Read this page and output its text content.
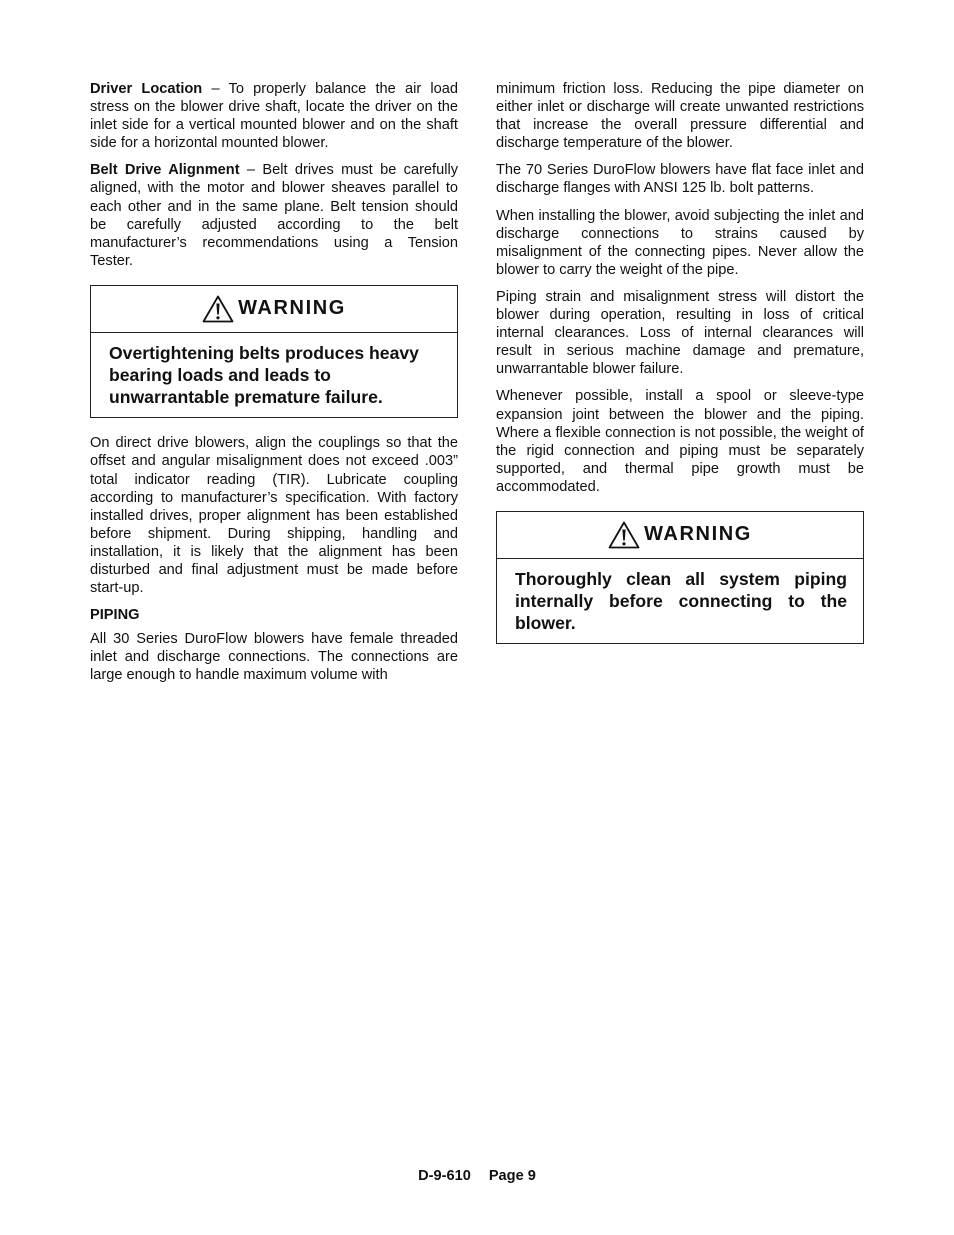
Driver Location – To properly balance the air load stress on the blower drive shaft, locate the driver on the inlet side for a vertical mounted blower and on the shaft side for a horizontal mounted blower.

Belt Drive Alignment – Belt drives must be carefully aligned, with the motor and blower sheaves parallel to each other and in the same plane. Belt tension should be carefully adjusted according to the belt manufacturer’s recommendations using a Tension Tester.

WARNING
Overtightening belts produces heavy bearing loads and leads to unwarrantable premature failure.

On direct drive blowers, align the couplings so that the offset and angular misalignment does not exceed .003” total indicator reading (TIR). Lubricate coupling according to manufacturer’s specification. With factory installed drives, proper alignment has been established before shipment. During shipping, handling and installation, it is likely that the alignment has been disturbed and final adjustment must be made before start-up.

PIPING

All 30 Series DuroFlow blowers have female threaded inlet and discharge connections. The connections are large enough to handle maximum volume with

minimum friction loss. Reducing the pipe diameter on either inlet or discharge will create unwanted restrictions that increase the overall pressure differential and discharge temperature of the blower.

The 70 Series DuroFlow blowers have flat face inlet and discharge flanges with ANSI 125 lb. bolt patterns.

When installing the blower, avoid subjecting the inlet and discharge connections to strains caused by misalignment of the connecting pipes. Never allow the blower to carry the weight of the pipe.

Piping strain and misalignment stress will distort the blower during operation, resulting in loss of critical internal clearances. Loss of internal clearances will result in serious machine damage and premature, unwarrantable blower failure.

Whenever possible, install a spool or sleeve-type expansion joint between the blower and the piping. Where a flexible connection is not possible, the weight of the rigid connection and piping must be separately supported, and thermal pipe growth must be accommodated.

WARNING
Thoroughly clean all system piping internally before connecting to the blower.
D-9-610 Page 9
